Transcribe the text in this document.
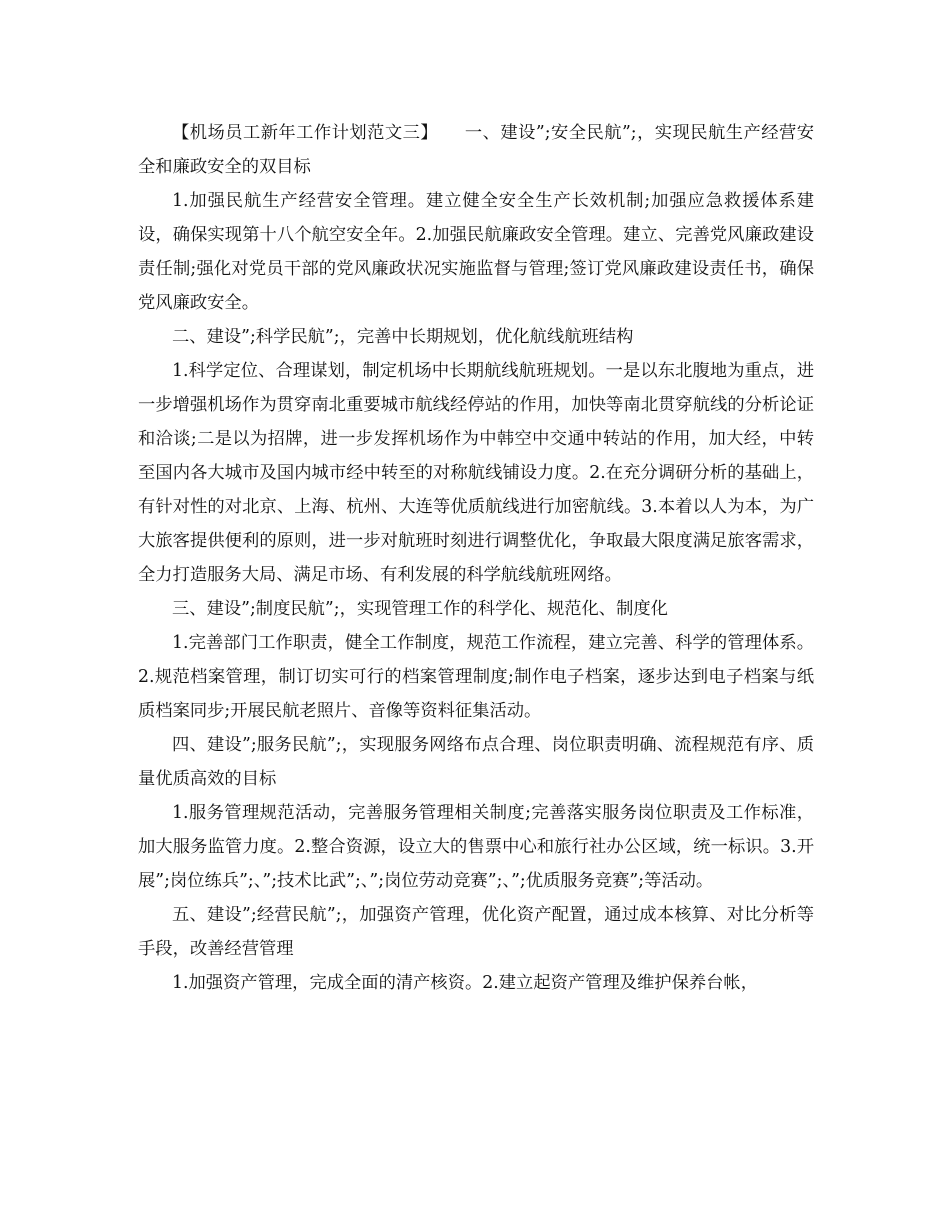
【机场员工新年工作计划范文三】　　一、建设”;安全民航”;，实现民航生产经营安全和廉政安全的双目标

1.加强民航生产经营安全管理。建立健全安全生产长效机制;加强应急救援体系建设，确保实现第十八个航空安全年。2.加强民航廉政安全管理。建立、完善党风廉政建设责任制;强化对党员干部的党风廉政状况实施监督与管理;签订党风廉政建设责任书，确保党风廉政安全。

二、建设”;科学民航”;，完善中长期规划，优化航线航班结构

1.科学定位、合理谋划，制定机场中长期航线航班规划。一是以东北腹地为重点，进一步增强机场作为贯穿南北重要城市航线经停站的作用，加快等南北贯穿航线的分析论证和洽谈;二是以为招牌，进一步发挥机场作为中韩空中交通中转站的作用，加大经，中转至国内各大城市及国内城市经中转至的对称航线铺设力度。2.在充分调研分析的基础上，有针对性的对北京、上海、杭州、大连等优质航线进行加密航线。3.本着以人为本，为广大旅客提供便利的原则，进一步对航班时刻进行调整优化，争取最大限度满足旅客需求，全力打造服务大局、满足市场、有利发展的科学航线航班网络。

三、建设”;制度民航”;，实现管理工作的科学化、规范化、制度化

1.完善部门工作职责，健全工作制度，规范工作流程，建立完善、科学的管理体系。2.规范档案管理，制订切实可行的档案管理制度;制作电子档案，逐步达到电子档案与纸质档案同步;开展民航老照片、音像等资料征集活动。

四、建设”;服务民航”;，实现服务网络布点合理、岗位职责明确、流程规范有序、质量优质高效的目标

1.服务管理规范活动，完善服务管理相关制度;完善落实服务岗位职责及工作标准，加大服务监管力度。2.整合资源，设立大的售票中心和旅行社办公区域，统一标识。3.开展”;岗位练兵”;、”;技术比武”;、”;岗位劳动竞赛”;、”;优质服务竞赛”;等活动。

五、建设”;经营民航”;，加强资产管理，优化资产配置，通过成本核算、对比分析等手段，改善经营管理

1.加强资产管理，完成全面的清产核资。2.建立起资产管理及维护保养台帐，
